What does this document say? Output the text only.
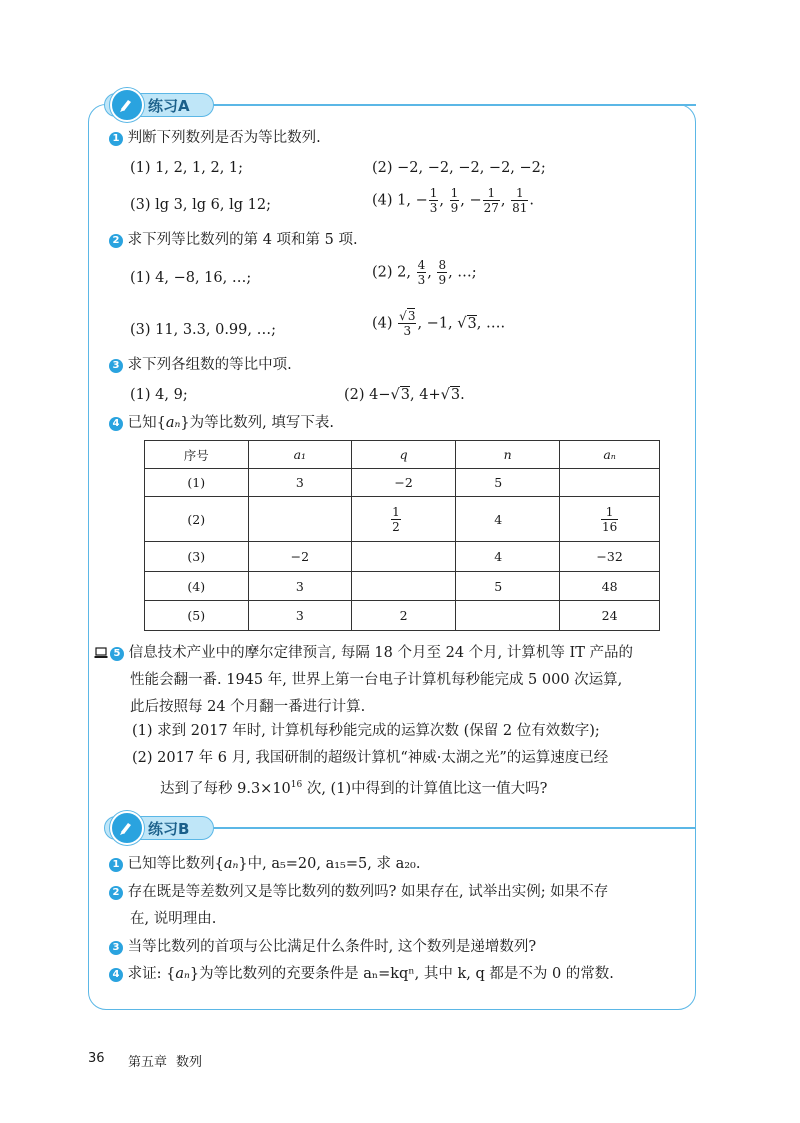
练习A
1 判断下列数列是否为等比数列.
(1) 1, 2, 1, 2, 1;	(2) −2, −2, −2, −2, −2;
(3) lg 3, lg 6, lg 12;	(4) 1, − $\frac{1}{3}$ , $\frac{1}{9}$ , − $\frac{1}{27}$ , $\frac{1}{81}$ .
2 求下列等比数列的第 4 项和第 5 项.
(1) 4, −8, 16, …;	(2) 2, $\frac{4}{3}$ , $\frac{8}{9}$ , …;
(3) 11, 3.3, 0.99, …;	$(4) \frac{√3}{3}$ , −1, √3, ….
3 求下列各组数的等比中项.
(1) 4, 9;	(2) 4−√3, 4+√3.
4 已知{aₙ}为等比数列, 填写下表.
序号	a₁	q	n	aₙ
(1)	3	−2	5	
(2)		$\frac{1}{2}$	4	$\frac{1}{16}$

(3)	−2		4	−32
(4)	3		5	48
(5)	3	2		24
5 信息技术产业中的摩尔定律预言, 每隔 18 个月至 24 个月, 计算机等 IT 产品的
性能会翻一番. 1945 年, 世界上第一台电子计算机每秒能完成 5 000 次运算,
此后按照每 24 个月翻一番进行计算.
(1) 求到 2017 年时, 计算机每秒能完成的运算次数 (保留 2 位有效数字);
(2) 2017 年 6 月, 我国研制的超级计算机“神威·太湖之光”的运算速度已经
达到了每秒 $9.3\times 10^{16}$ 次, (1)中得到的计算值比这一值大吗?
练习B
1 已知等比数列{aₙ}中, a₅=20, a₁₅=5, 求 a₂₀.
2 存在既是等差数列又是等比数列的数列吗? 如果存在, 试举出实例; 如果不存
在, 说明理由.
3 当等比数列的首项与公比满足什么条件时, 这个数列是递增数列?
4 求证: {aₙ}为等比数列的充要条件是 aₙ=kqⁿ, 其中 k, q 都是不为 0 的常数.
36 第五章 数列
